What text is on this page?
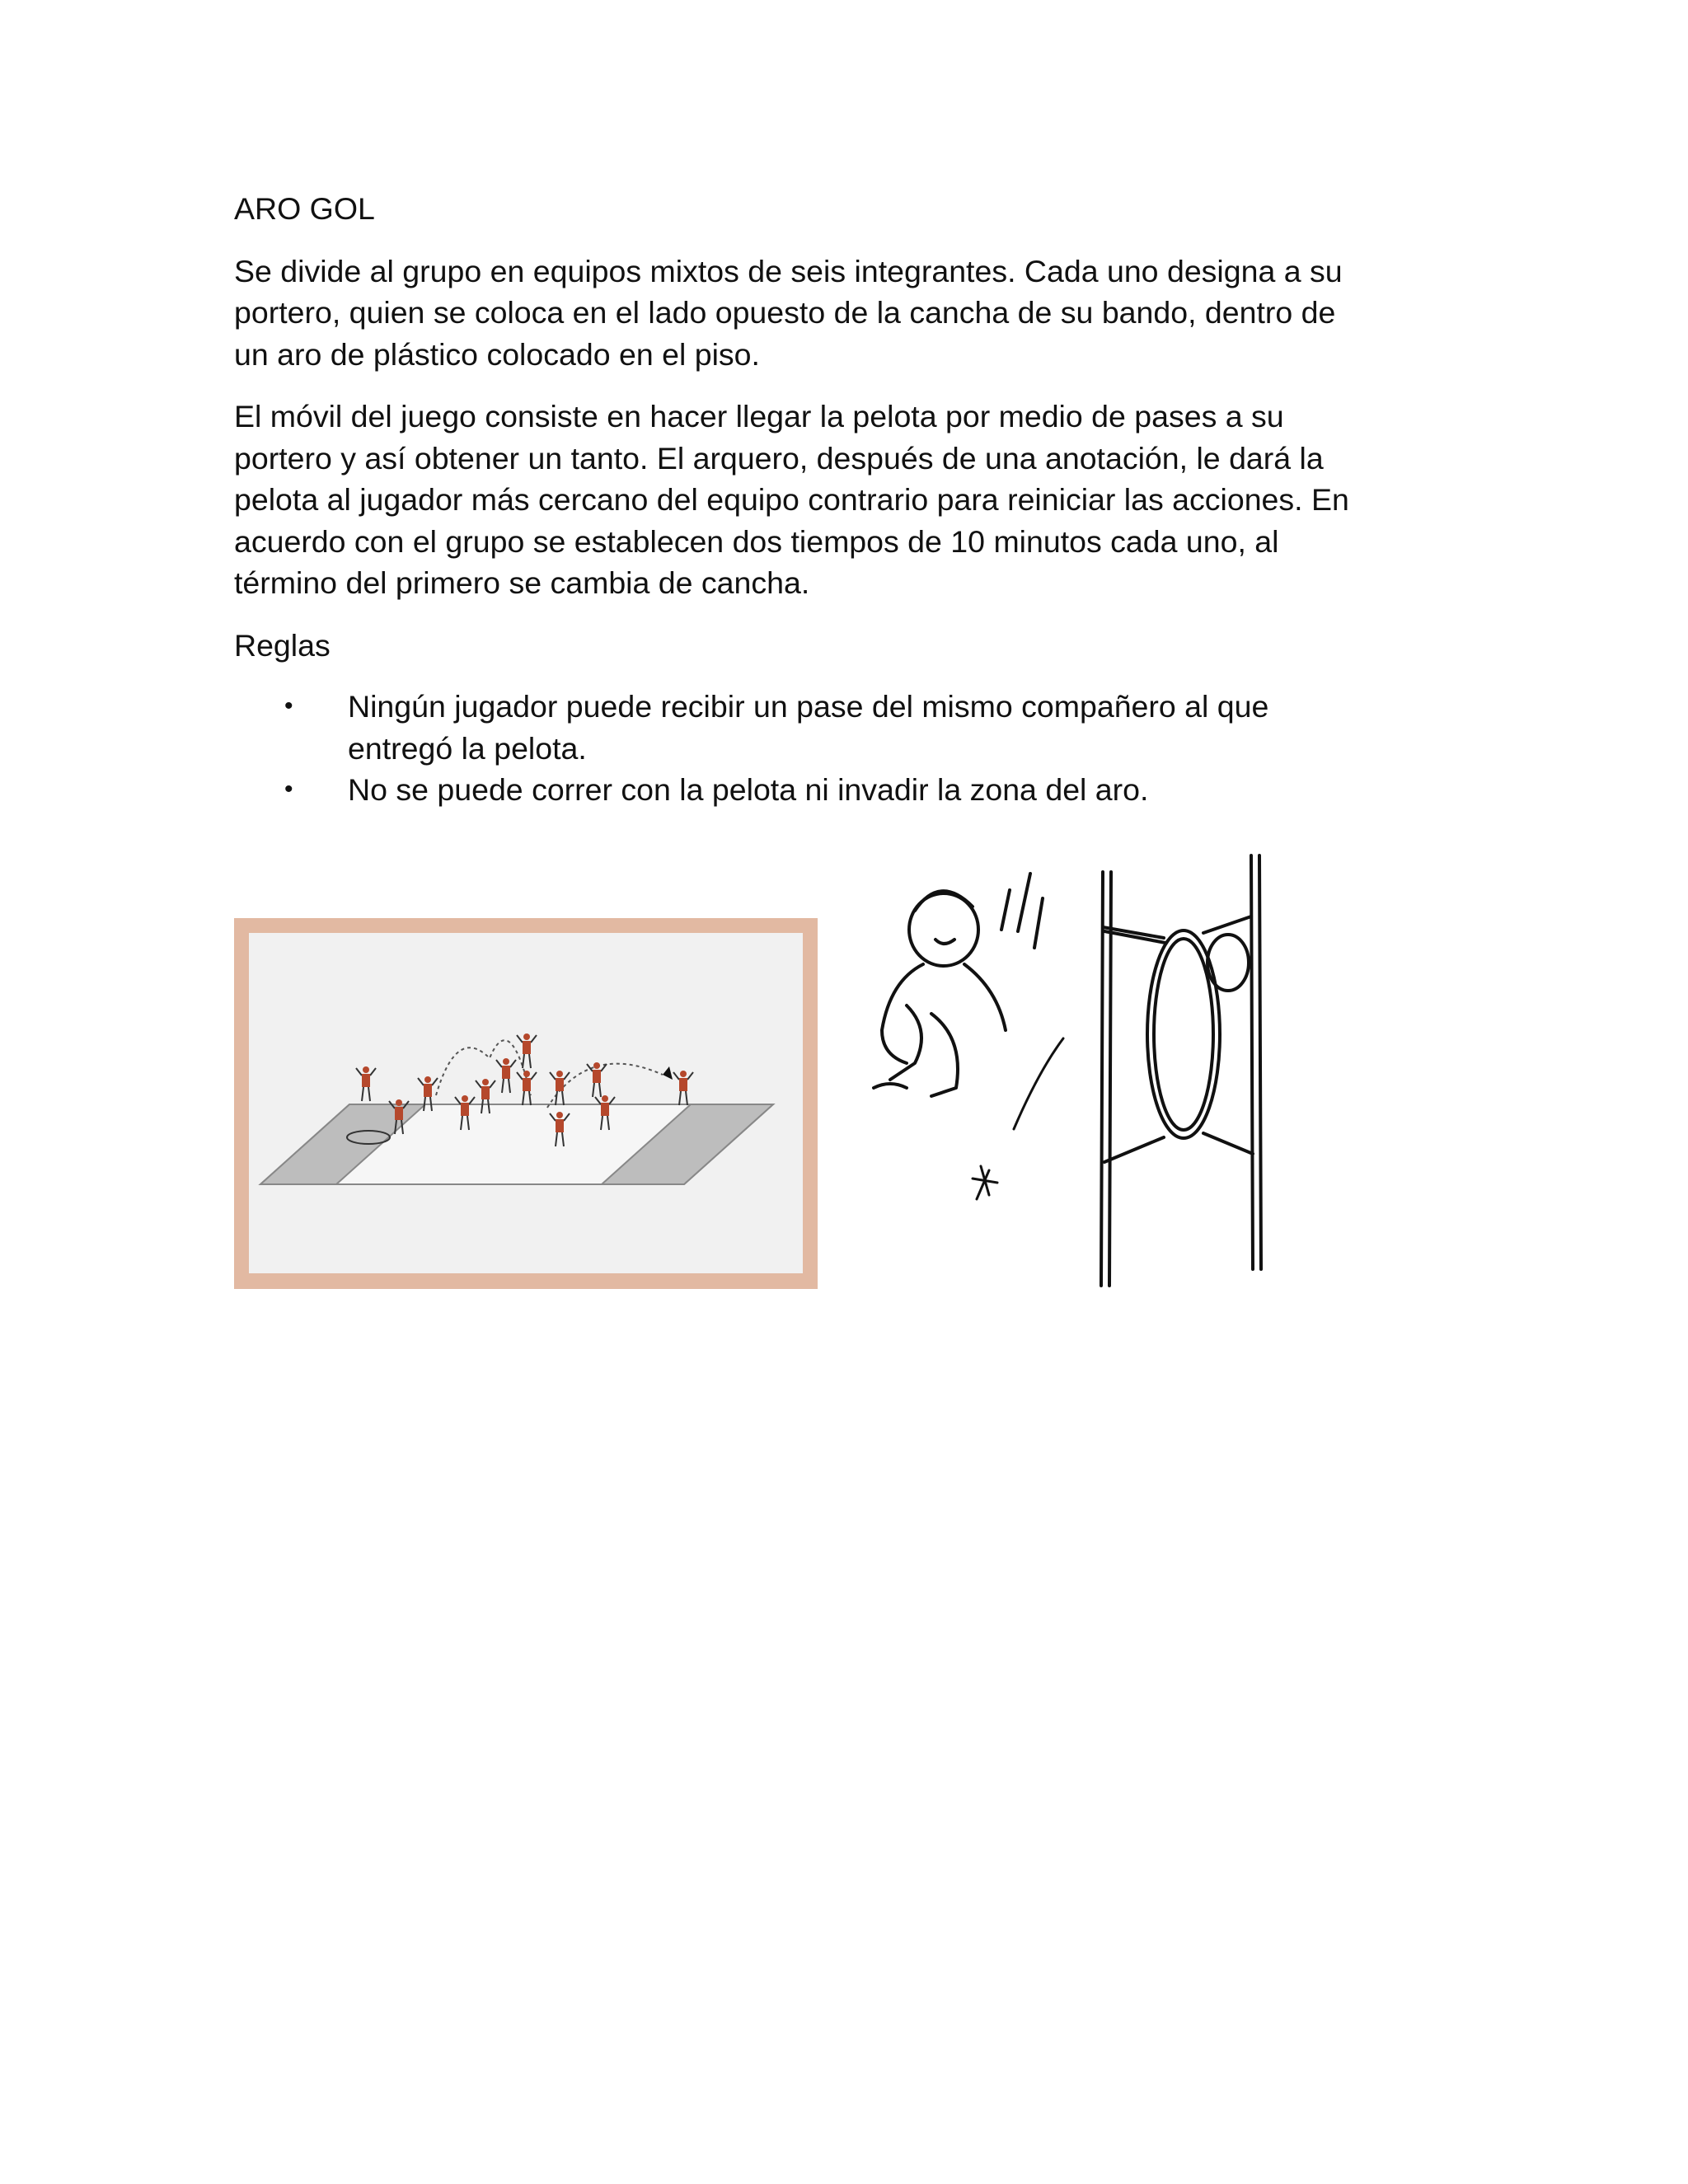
ARO GOL

Se divide al grupo en equipos mixtos de seis integrantes. Cada uno designa a su
portero, quien se coloca en el lado opuesto de la cancha de su bando, dentro de
un aro de plástico colocado en el piso.

El móvil del juego consiste en hacer llegar la pelota por medio de pases a su
portero y así obtener un tanto. El arquero, después de una anotación, le dará la
pelota al jugador más cercano del equipo contrario para reiniciar las acciones. En
acuerdo con el grupo se establecen dos tiempos de 10 minutos cada uno, al
término del primero se cambia de cancha.

Reglas
• Ningún jugador puede recibir un pase del mismo compañero al que
entregó la pelota.
• No se puede correr con la pelota ni invadir la zona del aro.
